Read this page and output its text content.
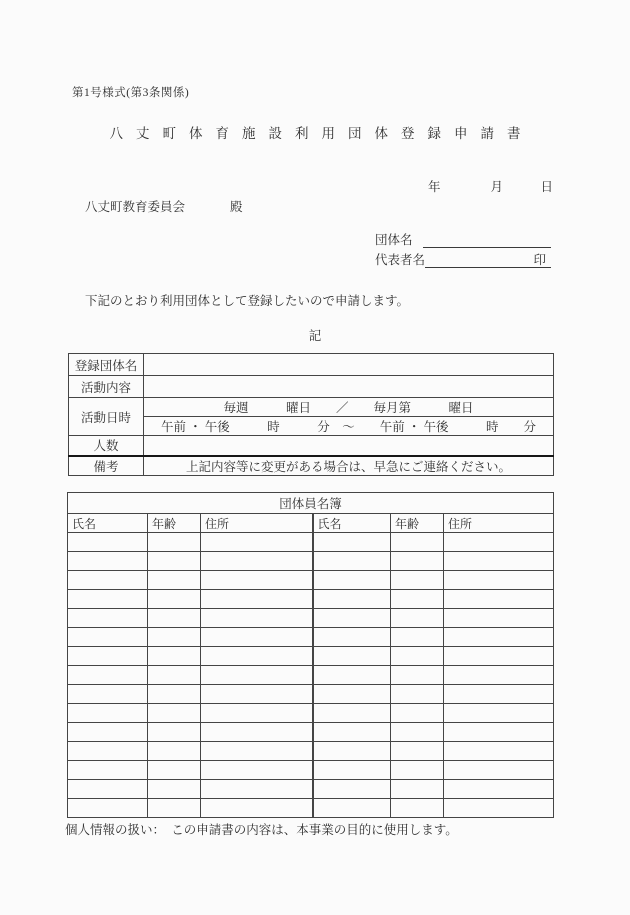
第1号様式(第3条関係)
八丈町体育施設利用団体登録申請書
年　　　　月　　　日
八丈町教育委員会	殿
団体名
代表者名	印
下記のとおり利用団体として登録したいので申請します。
記
登録団体名	
活動内容	
活動日時	毎週　　　曜日　　／　　毎月第　　　曜日
	午前 ・ 午後　　　時　　　分　～　　午前 ・ 午後　　　時　　分
人数	
備考	上記内容等に変更がある場合は、早急にご連絡ください。
団体員名簿					
氏名	年齢	住所	氏名	年齢	住所

個人情報の扱い：　この申請書の内容は、本事業の目的に使用します。
